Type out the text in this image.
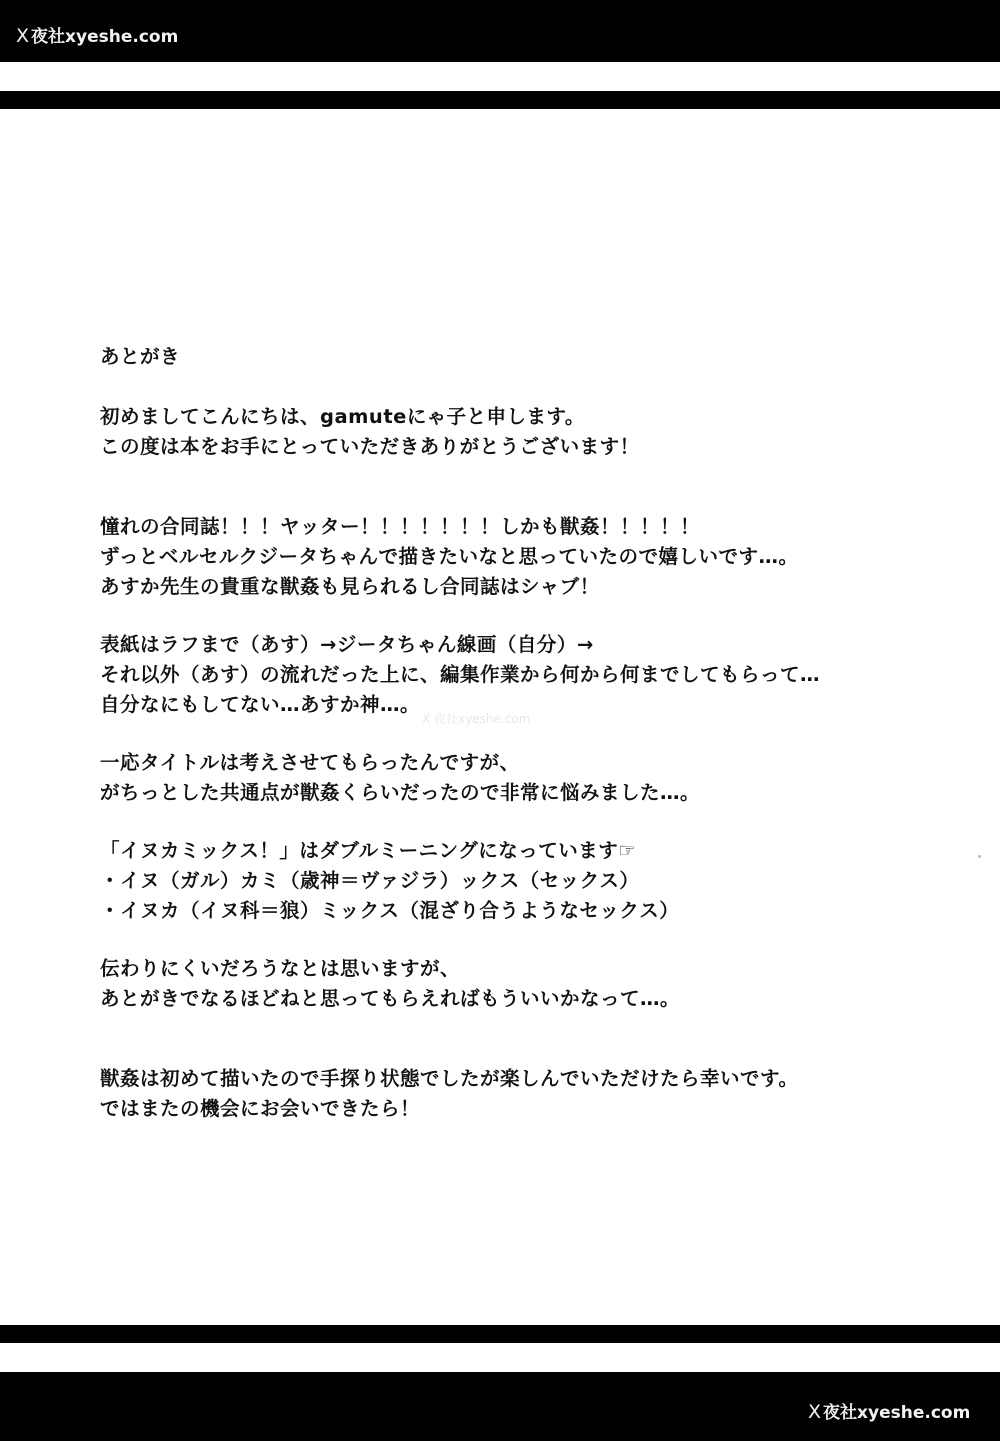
X 夜社xyeshe.com
X 夜社xyeshe.com
あとがき
初めましてこんにちは、gamuteにゃ子と申します。
この度は本をお手にとっていただきありがとうございます！
憧れの合同誌！！！ヤッター！！！！！！！しかも獣姦！！！！！
ずっとベルセルクジータちゃんで描きたいなと思っていたので嬉しいです…。
あすか先生の貴重な獣姦も見られるし合同誌はシャブ！
表紙はラフまで（あす）→ジータちゃん線画（自分）→
それ以外（あす）の流れだった上に、編集作業から何から何までしてもらって…
自分なにもしてない…あすか神…。
一応タイトルは考えさせてもらったんですが、
がちっとした共通点が獣姦くらいだったので非常に悩みました…。
「イヌカミックス！」はダブルミーニングになっています☞
・イヌ（ガル）カミ（歳神＝ヴァジラ）ックス（セックス）
・イヌカ（イヌ科＝狼）ミックス（混ざり合うようなセックス）
伝わりにくいだろうなとは思いますが、
あとがきでなるほどねと思ってもらえればもういいかなって…。
獣姦は初めて描いたので手探り状態でしたが楽しんでいただけたら幸いです。
ではまたの機会にお会いできたら！
X 夜社xyeshe.com
